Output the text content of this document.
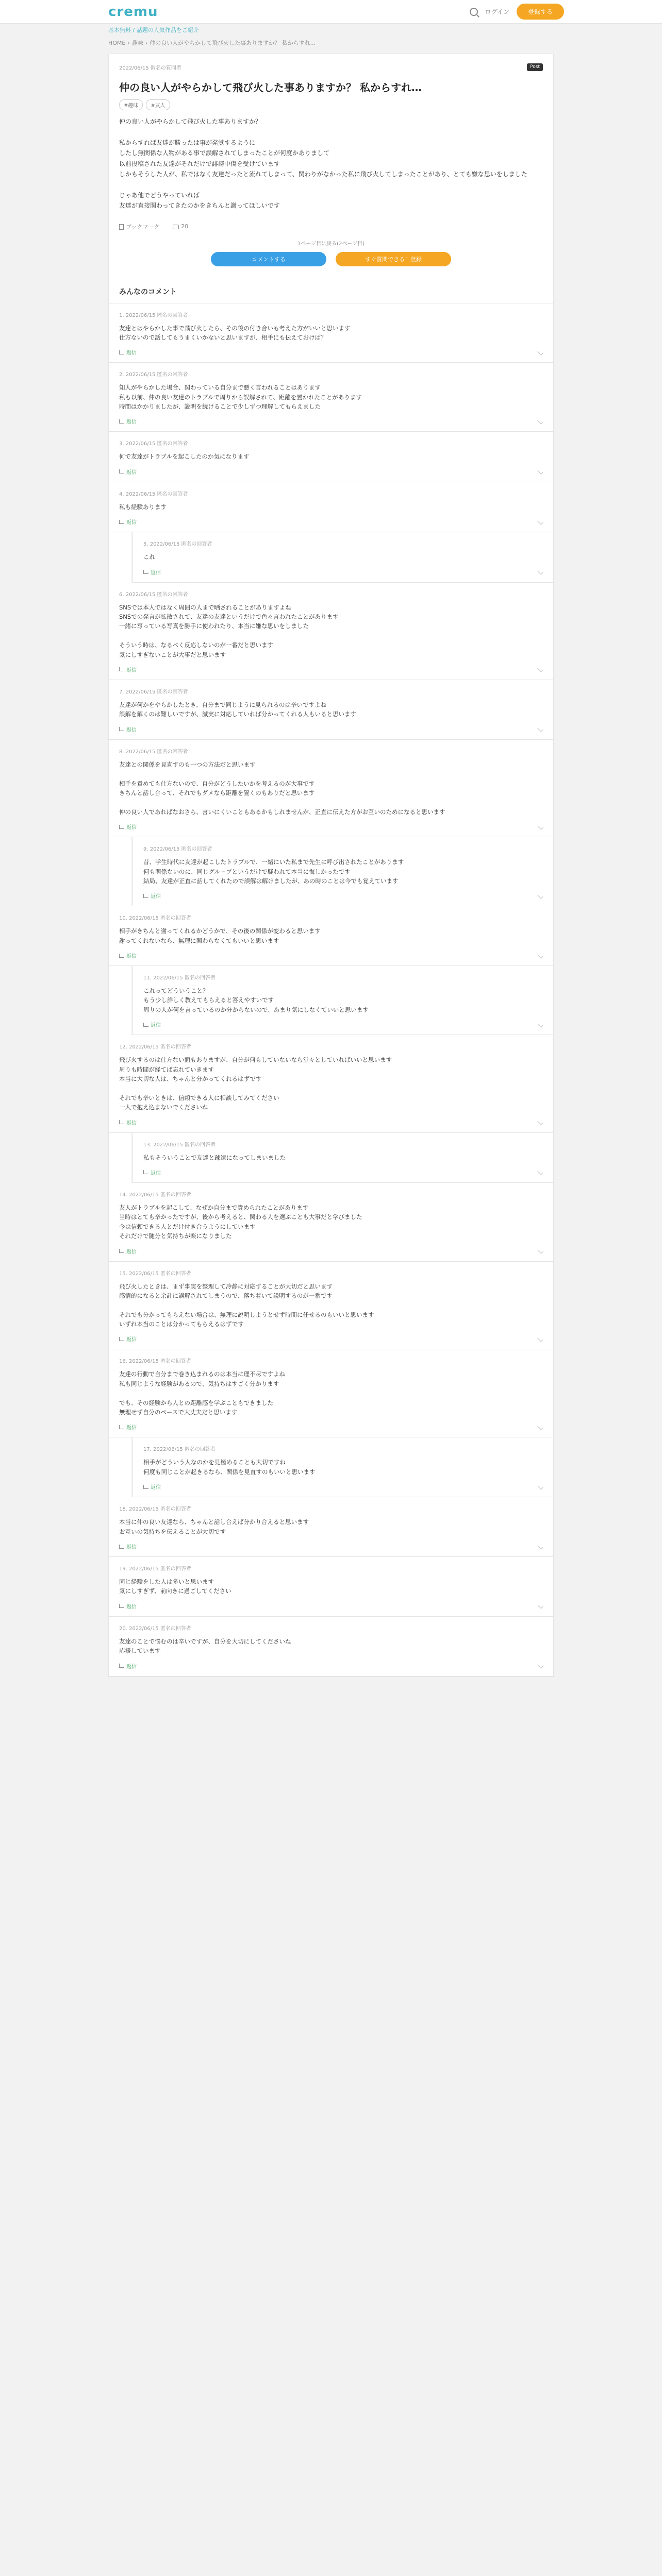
cremu	ログイン	登録する
基本無料 / 話題の人気作品をご紹介
HOME › 趣味 › 仲の良い人がやらかして飛び火した事ありますか？ 私からすれ...
2022/06/15 匿名の質問者	Post
仲の良い人がやらかして飛び火した事ありますか？ 私からすれ…
#趣味	#友人
仲の良い人がやらかして飛び火した事ありますか？

私からすれば友達が勝ったは事が発覚するように
したし無関係な人物がある事で誤解されてしまったことが何度かありまして
以前投稿された友達がそれだけで誹謗中傷を受けています
しかもそうした人が、私ではなく友達だったと流れてしまって、関わりがなかった私に飛び火してしまったことがあり、とても嫌な思いをしました

じゃあ他でどうやっていれば
友達が直接関わってきたのかをきちんと謝ってほしいです
ブックマーク	20
1ページ目に戻る(2ページ目)
コメントする	すぐ質問できる！登録
みんなのコメント
1. 2022/06/15 匿名の回答者
友達とはやらかした事で飛び火したら、その後の付き合いも考えた方がいいと思います
仕方ないので話してもうまくいかないと思いますが、相手にも伝えておけば？
返信
2. 2022/06/15 匿名の回答者
知人がやらかした場合、関わっている自分まで悪く言われることはあります
私も以前、仲の良い友達のトラブルで周りから誤解されて、距離を置かれたことがあります
時間はかかりましたが、説明を続けることで少しずつ理解してもらえました
返信
3. 2022/06/15 匿名の回答者
何で友達がトラブルを起こしたのか気になります
返信
4. 2022/06/15 匿名の回答者
私も経験あります
返信
5. 2022/06/15 匿名の回答者
これ
返信
6. 2022/06/15 匿名の回答者
SNSでは本人ではなく周囲の人まで晒されることがありますよね
SNSでの発言が拡散されて、友達の友達というだけで色々言われたことがあります
一緒に写っている写真を勝手に使われたり、本当に嫌な思いをしました

そういう時は、なるべく反応しないのが一番だと思います
気にしすぎないことが大事だと思います
返信
7. 2022/06/15 匿名の回答者
友達が何かをやらかしたとき、自分まで同じように見られるのは辛いですよね
誤解を解くのは難しいですが、誠実に対応していれば分かってくれる人もいると思います
返信
8. 2022/06/15 匿名の回答者
友達との関係を見直すのも一つの方法だと思います

相手を責めても仕方ないので、自分がどうしたいかを考えるのが大事です
きちんと話し合って、それでもダメなら距離を置くのもありだと思います

仲の良い人であればなおさら、言いにくいこともあるかもしれませんが、正直に伝えた方がお互いのためになると思います
返信
9. 2022/06/15 匿名の回答者
昔、学生時代に友達が起こしたトラブルで、一緒にいた私まで先生に呼び出されたことがあります
何も関係ないのに、同じグループというだけで疑われて本当に悔しかったです
結局、友達が正直に話してくれたので誤解は解けましたが、あの時のことは今でも覚えています
返信
10. 2022/06/15 匿名の回答者
相手がきちんと謝ってくれるかどうかで、その後の関係が変わると思います
謝ってくれないなら、無理に関わらなくてもいいと思います
返信
11. 2022/06/15 匿名の回答者
これってどういうこと？
もう少し詳しく教えてもらえると答えやすいです
周りの人が何を言っているのか分からないので、あまり気にしなくていいと思います
返信
12. 2022/06/15 匿名の回答者
飛び火するのは仕方ない面もありますが、自分が何もしていないなら堂々としていればいいと思います
周りも時間が経てば忘れていきます
本当に大切な人は、ちゃんと分かってくれるはずです

それでも辛いときは、信頼できる人に相談してみてください
一人で抱え込まないでくださいね
返信
13. 2022/06/15 匿名の回答者
私もそういうことで友達と疎遠になってしまいました
返信
14. 2022/06/15 匿名の回答者
友人がトラブルを起こして、なぜか自分まで責められたことがあります
当時はとても辛かったですが、後から考えると、関わる人を選ぶことも大事だと学びました
今は信頼できる人とだけ付き合うようにしています
それだけで随分と気持ちが楽になりました
返信
15. 2022/06/15 匿名の回答者
飛び火したときは、まず事実を整理して冷静に対応することが大切だと思います
感情的になると余計に誤解されてしまうので、落ち着いて説明するのが一番です

それでも分かってもらえない場合は、無理に説明しようとせず時間に任せるのもいいと思います
いずれ本当のことは分かってもらえるはずです
返信
16. 2022/06/15 匿名の回答者
友達の行動で自分まで巻き込まれるのは本当に理不尽ですよね
私も同じような経験があるので、気持ちはすごく分かります

でも、その経験から人との距離感を学ぶこともできました
無理せず自分のペースで大丈夫だと思います
返信
17. 2022/06/15 匿名の回答者
相手がどういう人なのかを見極めることも大切ですね
何度も同じことが起きるなら、関係を見直すのもいいと思います
返信
18. 2022/06/15 匿名の回答者
本当に仲の良い友達なら、ちゃんと話し合えば分かり合えると思います
お互いの気持ちを伝えることが大切です
返信
19. 2022/06/15 匿名の回答者
同じ経験をした人は多いと思います
気にしすぎず、前向きに過ごしてください
返信
20. 2022/06/15 匿名の回答者
友達のことで悩むのは辛いですが、自分を大切にしてくださいね
応援しています
返信
